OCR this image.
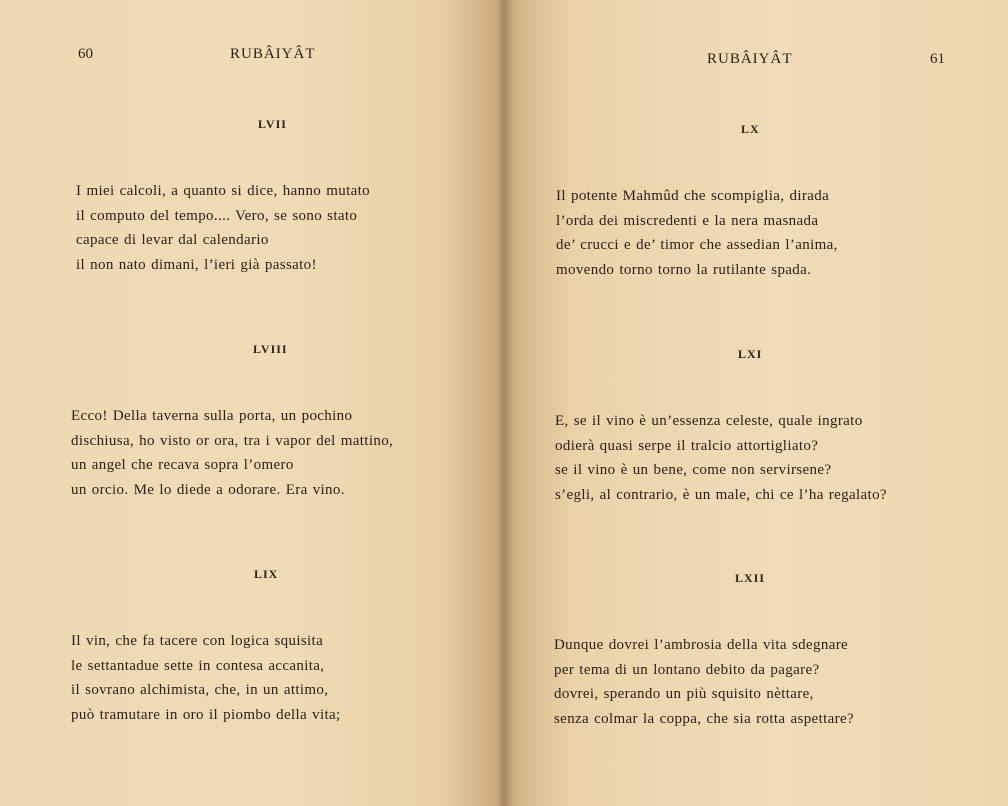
60	RUBÂIYÂT
LVII
I miei calcoli, a quanto si dice, hanno mutato
il computo del tempo.... Vero, se sono stato
capace di levar dal calendario
il non nato dimani, l’ieri già passato!
LVIII
Ecco! Della taverna sulla porta, un pochino
dischiusa, ho visto or ora, tra i vapor del mattino,
un angel che recava sopra l’omero
un orcio. Me lo diede a odorare. Era vino.
LIX
Il vin, che fa tacere con logica squisita
le settantadue sette in contesa accanita,
il sovrano alchimista, che, in un attimo,
può tramutare in oro il piombo della vita;
RUBÂIYÂT	61
LX
Il potente Mahmûd che scompiglia, dirada
l’orda dei miscredenti e la nera masnada
de’ crucci e de’ timor che assedian l’anima,
movendo torno torno la rutilante spada.
LXI
E, se il vino è un’essenza celeste, quale ingrato
odierà quasi serpe il tralcio attortigliato?
se il vino è un bene, come non servirsene?
s’egli, al contrario, è un male, chi ce l’ha regalato?
LXII
Dunque dovrei l’ambrosia della vita sdegnare
per tema di un lontano debito da pagare?
dovrei, sperando un più squisito nèttare,
senza colmar la coppa, che sia rotta aspettare?
